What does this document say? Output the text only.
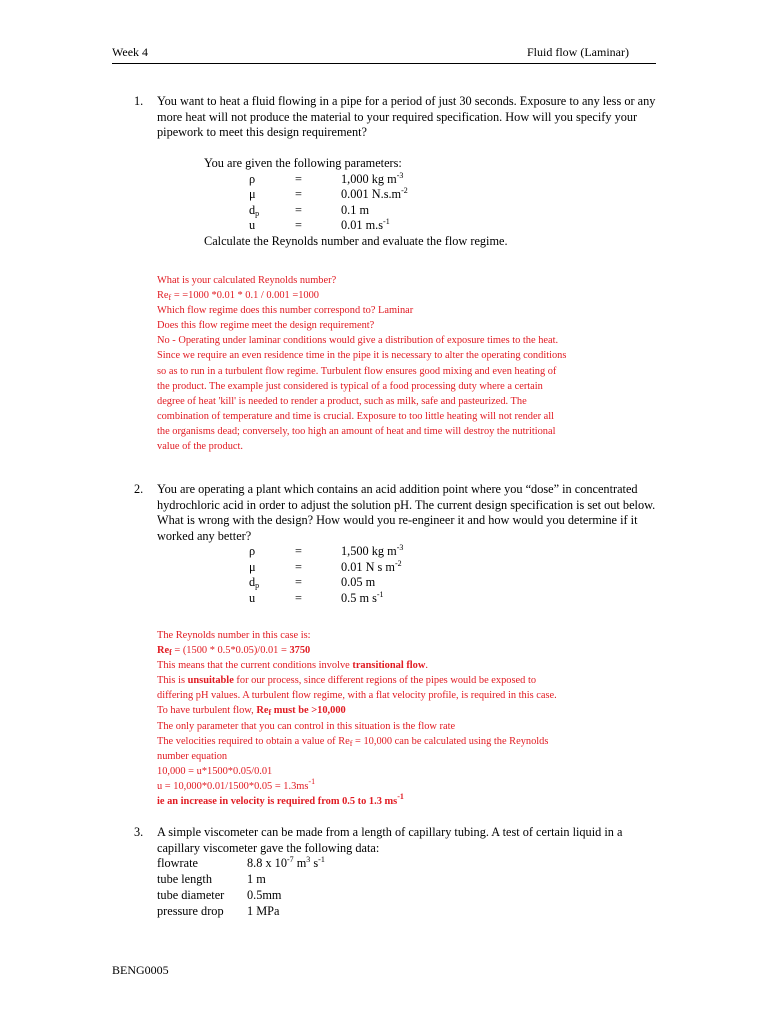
Week 4	Fluid flow (Laminar)
1. You want to heat a fluid flowing in a pipe for a period of just 30 seconds. Exposure to any less or any more heat will not produce the material to your required specification. How will you specify your pipework to meet this design requirement?
You are given the following parameters:
ρ	=	1,000 kg $m^{-3}$
μ	=	0.001 $N.s.m^{-2}$
$d_p$	=	0.1 m
u	=	0.01 $m.s^{-1}$
Calculate the Reynolds number and evaluate the flow regime.
What is your calculated Reynolds number?
$Re_f = =1000$ *0.01 * 0.1 / 0.001 =1000
Which flow regime does this number correspond to? Laminar
Does this flow regime meet the design requirement?
No - Operating under laminar conditions would give a distribution of exposure times to the heat.
Since we require an even residence time in the pipe it is necessary to alter the operating conditions
so as to run in a turbulent flow regime. Turbulent flow ensures good mixing and even heating of
the product. The example just considered is typical of a food processing duty where a certain
degree of heat 'kill' is needed to render a product, such as milk, safe and pasteurized. The
combination of temperature and time is crucial. Exposure to too little heating will not render all
the organisms dead; conversely, too high an amount of heat and time will destroy the nutritional
value of the product.
2. You are operating a plant which contains an acid addition point where you “dose” in concentrated hydrochloric acid in order to adjust the solution pH. The current design specification is set out below. What is wrong with the design? How would you re-engineer it and how would you determine if it worked any better?
ρ	=	1,500 kg $m^{-3}$
μ	=	0.01 N s $m^{-2}$
$d_p$	=	0.05 m
u	=	0.5 m $s^{-1}$
The Reynolds number in this case is:
$Re_f = (1500 * 0.5*0.05)/0.01 = 3750$
This means that the current conditions involve transitional flow.
This is unsuitable for our process, since different regions of the pipes would be exposed to
differing pH values. A turbulent flow regime, with a flat velocity profile, is required in this case.
To have turbulent flow, $Re_f$ must be >10,000
The only parameter that you can control in this situation is the flow rate
The velocities required to obtain a value of $Re_f = 10,000$ can be calculated using the Reynolds
number equation
10,000 = u*1500*0.05/0.01
$u = 10,000*0.01/1500*0.05 = 1.3ms^{-1}$
ie an increase in velocity is required from 0.5 to 1.3 $ms^{-1}$
3. A simple viscometer can be made from a length of capillary tubing. A test of certain liquid in a capillary viscometer gave the following data:
flowrate	8.8 x $10^{-7}$ $m^3$ $s^{-1}$
tube length	1 m
tube diameter	0.5mm
pressure drop	1 MPa
BENG0005
